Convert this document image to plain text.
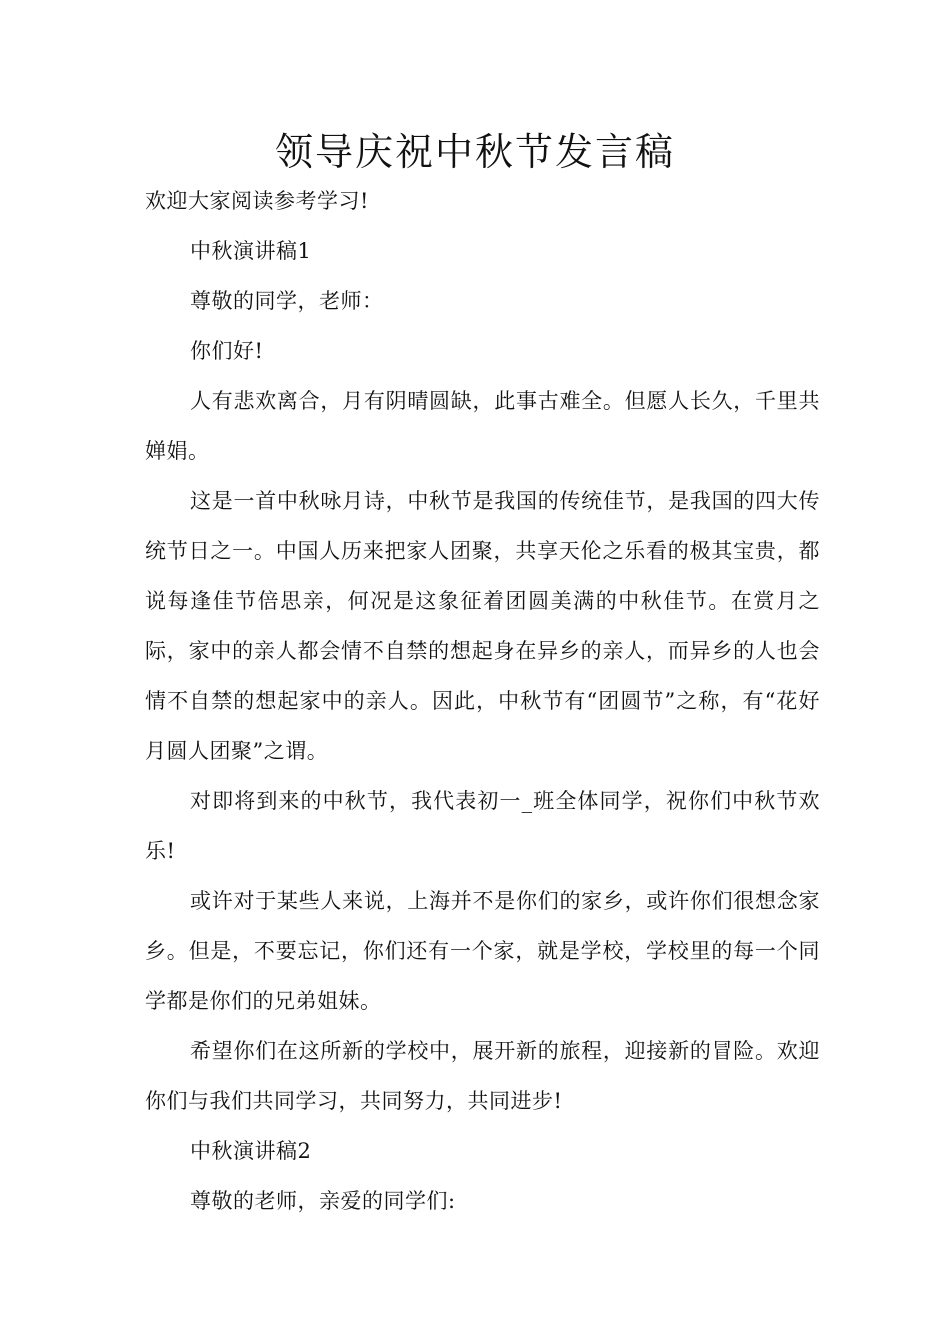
领导庆祝中秋节发言稿

欢迎大家阅读参考学习!

中秋演讲稿1

尊敬的同学，老师：

你们好!

人有悲欢离合，月有阴晴圆缺，此事古难全。但愿人长久，千里共婵娟。

这是一首中秋咏月诗，中秋节是我国的传统佳节，是我国的四大传统节日之一。中国人历来把家人团聚，共享天伦之乐看的极其宝贵，都说每逢佳节倍思亲，何况是这象征着团圆美满的中秋佳节。在赏月之际，家中的亲人都会情不自禁的想起身在异乡的亲人，而异乡的人也会情不自禁的想起家中的亲人。因此，中秋节有“团圆节”之称，有“花好月圆人团聚”之谓。

对即将到来的中秋节，我代表初一_班全体同学，祝你们中秋节欢乐!

或许对于某些人来说，上海并不是你们的家乡，或许你们很想念家乡。但是，不要忘记，你们还有一个家，就是学校，学校里的每一个同学都是你们的兄弟姐妹。

希望你们在这所新的学校中，展开新的旅程，迎接新的冒险。欢迎你们与我们共同学习，共同努力，共同进步!

中秋演讲稿2

尊敬的老师，亲爱的同学们:
